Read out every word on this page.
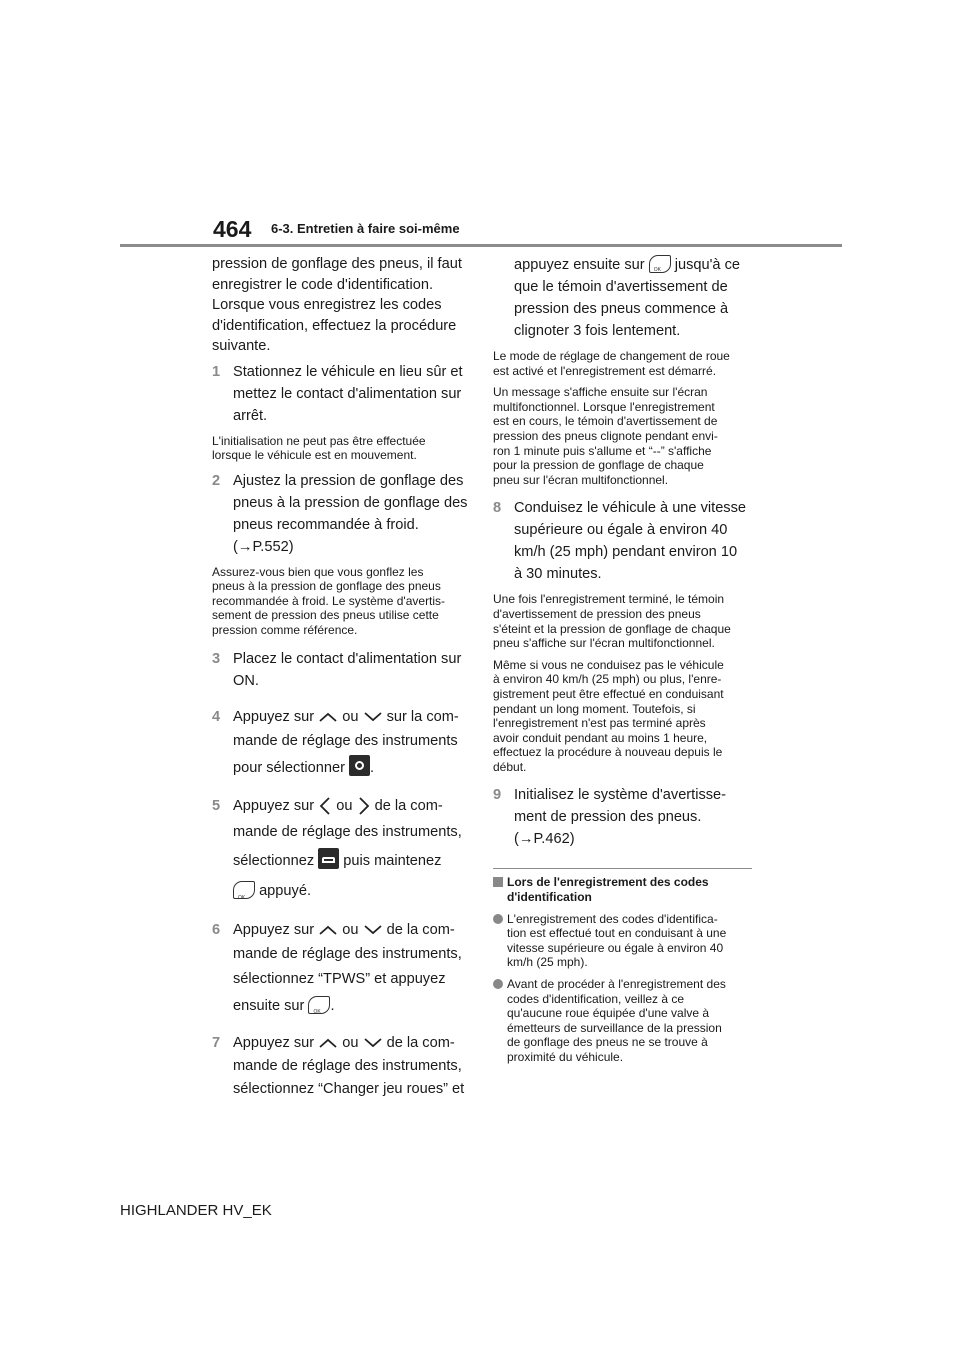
464 6-3. Entretien à faire soi-même

pression de gonflage des pneus, il faut

enregistrer le code d'identification.

Lorsque vous enregistrez les codes

d'identification, effectuez la procédure

suivante.

1 Stationnez le véhicule en lieu sûr et
mettez le contact d'alimentation sur
arrêt.

L'initialisation ne peut pas être effectuée

lorsque le véhicule est en mouvement.

2 Ajustez la pression de gonflage des
pneus à la pression de gonflage des
pneus recommandée à froid.
(→P.552)

Assurez-vous bien que vous gonflez les

pneus à la pression de gonflage des pneus

recommandée à froid. Le système d'avertis-

sement de pression des pneus utilise cette

pression comme référence.

3 Placez le contact d'alimentation sur
ON.
4 Appuyez sur ou sur la com-
mande de réglage des instruments
pour sélectionner .
5 Appuyez sur ou de la com-
mande de réglage des instruments,
sélectionnez puis maintenez
OK appuyé.
6 Appuyez sur ou de la com-
mande de réglage des instruments,
sélectionnez “TPWS” et appuyez
ensuite sur OK .
7 Appuyez sur ou de la com-
mande de réglage des instruments,
sélectionnez “Changer jeu roues” et
appuyez ensuite sur OK jusqu'à ce
que le témoin d'avertissement de
pression des pneus commence à
clignoter 3 fois lentement.

Le mode de réglage de changement de roue

est activé et l'enregistrement est démarré.

Un message s'affiche ensuite sur l'écran

multifonctionnel. Lorsque l'enregistrement

est en cours, le témoin d'avertissement de

pression des pneus clignote pendant envi-

ron 1 minute puis s'allume et “--” s'affiche

pour la pression de gonflage de chaque

pneu sur l'écran multifonctionnel.

8 Conduisez le véhicule à une vitesse
supérieure ou égale à environ 40
km/h (25 mph) pendant environ 10
à 30 minutes.

Une fois l'enregistrement terminé, le témoin

d'avertissement de pression des pneus

s'éteint et la pression de gonflage de chaque

pneu s'affiche sur l'écran multifonctionnel.

Même si vous ne conduisez pas le véhicule

à environ 40 km/h (25 mph) ou plus, l'enre-

gistrement peut être effectué en conduisant

pendant un long moment. Toutefois, si

l'enregistrement n'est pas terminé après

avoir conduit pendant au moins 1 heure,

effectuez la procédure à nouveau depuis le

début.

9 Initialisez le système d'avertisse-
ment de pression des pneus.
(→P.462)
Lors de l'enregistrement des codes
d'identification

L'enregistrement des codes d'identifica-

tion est effectué tout en conduisant à une

vitesse supérieure ou égale à environ 40

km/h (25 mph).

Avant de procéder à l'enregistrement des

codes d'identification, veillez à ce

qu'aucune roue équipée d'une valve à

émetteurs de surveillance de la pression

de gonflage des pneus ne se trouve à

proximité du véhicule.

HIGHLANDER HV_EK
